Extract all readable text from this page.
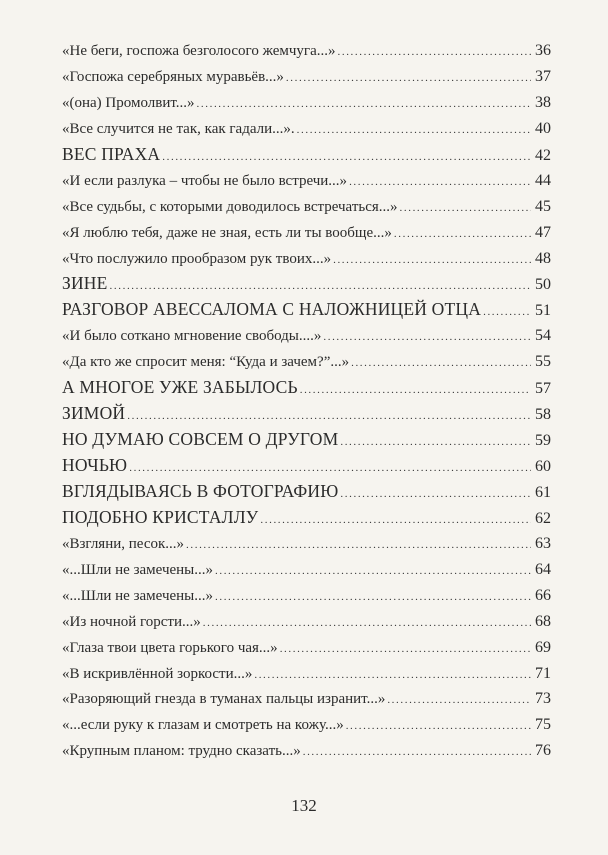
«Не беги, госпожа безголосого жемчуга...» .....	36
«Госпожа серебряных муравьёв...» .....	37
«(она) Промолвит...» .....	38
«Все случится не так, как гадали...». .....	40
ВЕС ПРАХА .....	42
«И если разлука – чтобы не было встречи...» .....	44
«Все судьбы, с которыми доводилось встречаться...» .....	45
«Я люблю тебя, даже не зная, есть ли ты вообще...» .....	47
«Что послужило прообразом рук твоих...» .....	48
ЗИНЕ .....	50
РАЗГОВОР АВЕССАЛОМА С НАЛОЖНИЦЕЙ ОТЦА .....	51
«И было соткано мгновение свободы....» .....	54
«Да кто же спросит меня: “Куда и зачем?”...» .....	55
А МНОГОЕ УЖЕ ЗАБЫЛОСЬ .....	57
ЗИМОЙ .....	58
НО ДУМАЮ СОВСЕМ О ДРУГОМ .....	59
НОЧЬЮ .....	60
ВГЛЯДЫВАЯСЬ В ФОТОГРАФИЮ .....	61
ПОДОБНО КРИСТАЛЛУ .....	62
«Взгляни, песок...» .....	63
«...Шли не замечены...» .....	64
«...Шли не замечены...» .....	66
«Из ночной горсти...» .....	68
«Глаза твои цвета горького чая...» .....	69
«В искривлённой зоркости...» .....	71
«Разоряющий гнезда в туманах пальцы изранит...» .....	73
«...если руку к глазам и смотреть на кожу...» .....	75
«Крупным планом: трудно сказать...» .....	76
132
